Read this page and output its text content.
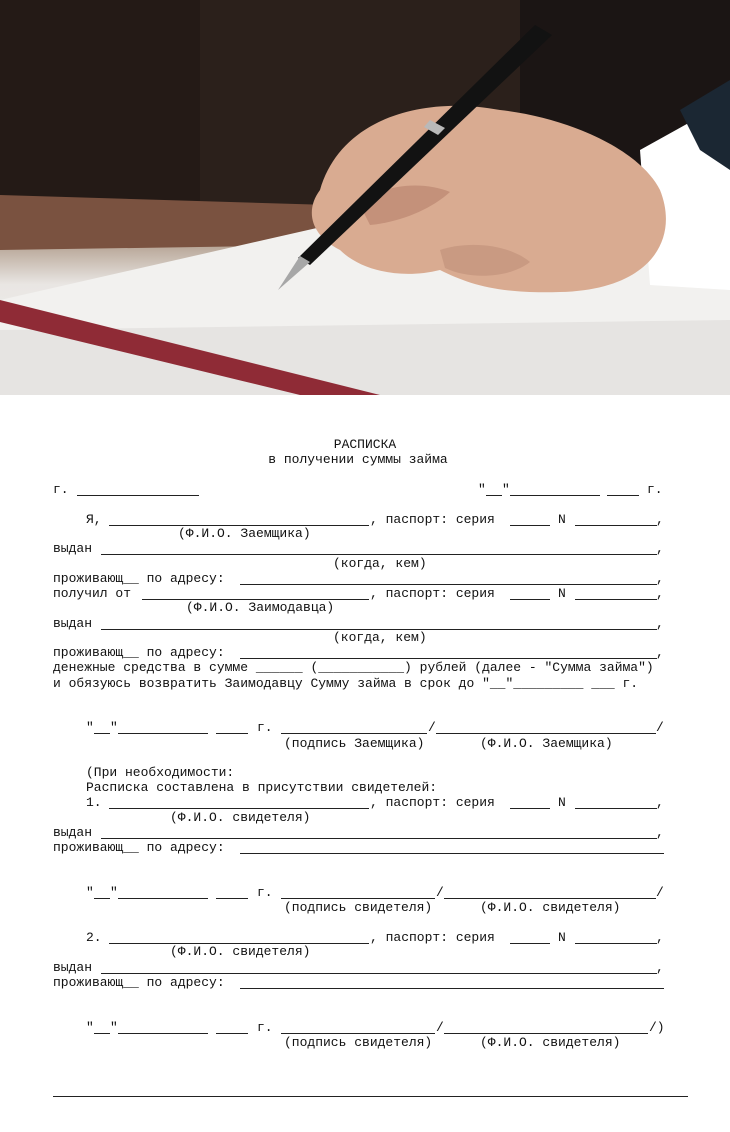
РАСПИСКА
в получении суммы займа
г.	" "	г.
Я,	, паспорт: серия	N	,
(Ф.И.О. Заемщика)
выдан	,
(когда, кем)
проживающ__ по адресу:	,
получил от	, паспорт: серия	N	,
(Ф.И.О. Заимодавца)
выдан	,
(когда, кем)
проживающ__ по адресу:	,
денежные средства в сумме ______ (___________) рублей (далее - "Сумма займа")
и обязуюсь возвратить Заимодавцу Сумму займа в срок до "__"_________ ___ г.
" "	г.	/	/
(подпись Заемщика)	(Ф.И.О. Заемщика)
(При необходимости:
Расписка составлена в присутствии свидетелей:
1.	, паспорт: серия	N	,
(Ф.И.О. свидетеля)
выдан	,
проживающ__ по адресу:
" "	г.	/	/
(подпись свидетеля)	(Ф.И.О. свидетеля)
2.	, паспорт: серия	N	,
(Ф.И.О. свидетеля)
выдан	,
проживающ__ по адресу:
" "	г.	/	/)
(подпись свидетеля)	(Ф.И.О. свидетеля)
